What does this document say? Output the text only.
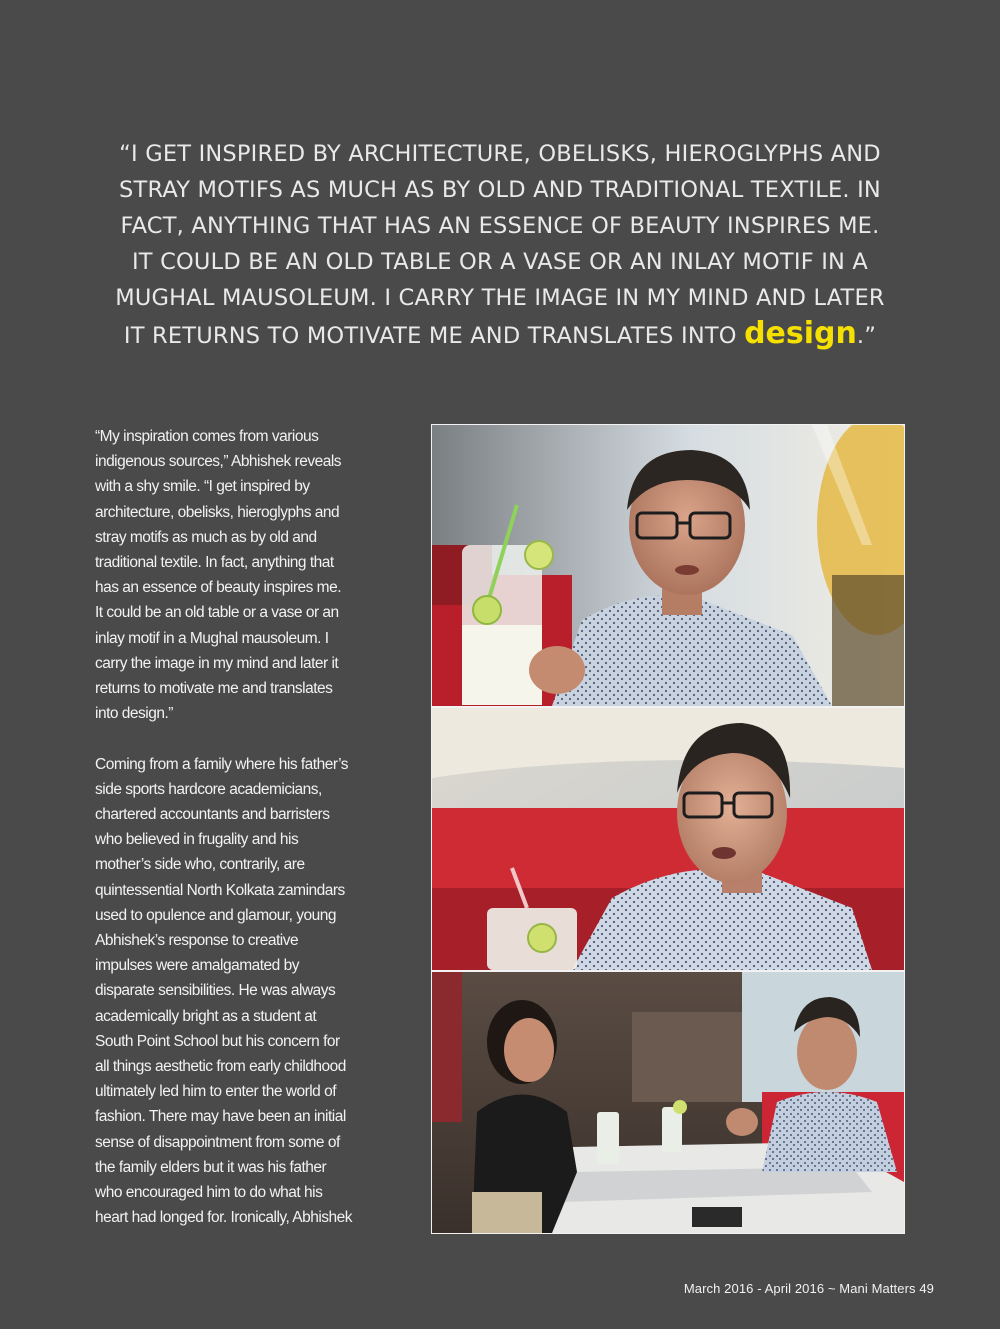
“I GET INSPIRED BY ARCHITECTURE, OBELISKS, HIEROGLYPHS AND
STRAY MOTIFS AS MUCH AS BY OLD AND TRADITIONAL TEXTILE. IN
FACT, ANYTHING THAT HAS AN ESSENCE OF BEAUTY INSPIRES ME.
IT COULD BE AN OLD TABLE OR A VASE OR AN INLAY MOTIF IN A
MUGHAL MAUSOLEUM. I CARRY THE IMAGE IN MY MIND AND LATER
IT RETURNS TO MOTIVATE ME AND TRANSLATES INTO design.”

“My inspiration comes from various
indigenous sources,” Abhishek reveals
with a shy smile. “I get inspired by
architecture, obelisks, hieroglyphs and
stray motifs as much as by old and
traditional textile. In fact, anything that
has an essence of beauty inspires me.
It could be an old table or a vase or an
inlay motif in a Mughal mausoleum. I
carry the image in my mind and later it
returns to motivate me and translates
into design.”

Coming from a family where his father’s
side sports hardcore academicians,
chartered accountants and barristers
who believed in frugality and his
mother’s side who, contrarily, are
quintessential North Kolkata zamindars
used to opulence and glamour, young
Abhishek’s response to creative
impulses were amalgamated by
disparate sensibilities. He was always
academically bright as a student at
South Point School but his concern for
all things aesthetic from early childhood
ultimately led him to enter the world of
fashion. There may have been an initial
sense of disappointment from some of
the family elders but it was his father
who encouraged him to do what his
heart had longed for. Ironically, Abhishek

March 2016 - April 2016 ~ Mani Matters 49
